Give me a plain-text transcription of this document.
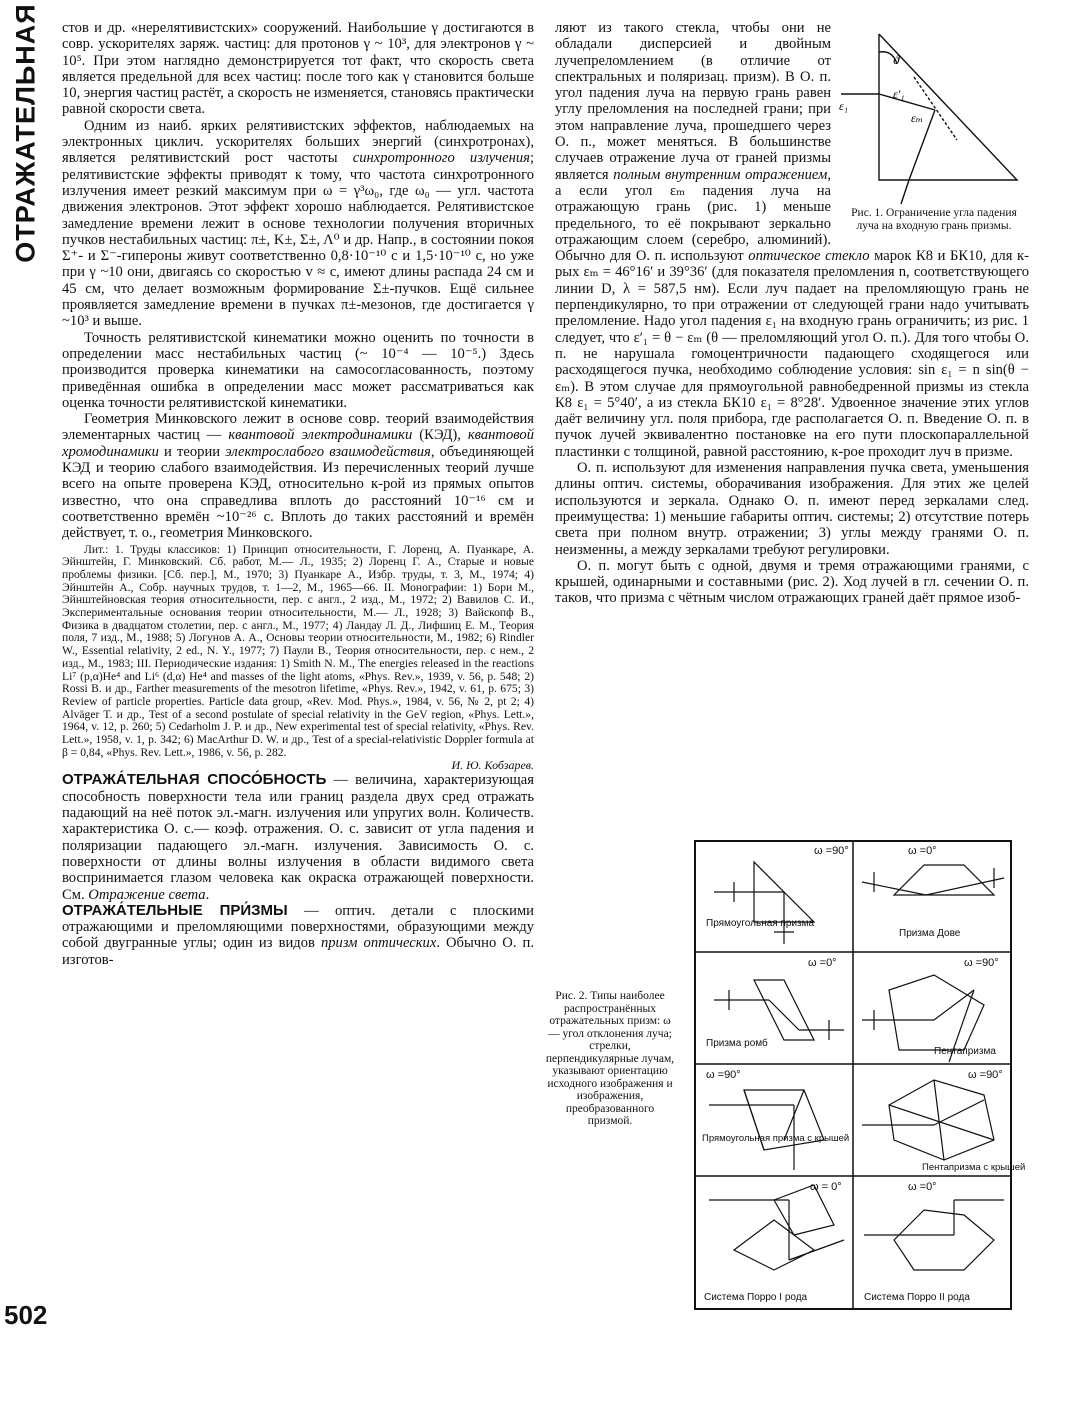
ОТРАЖАТЕЛЬНАЯ
502

стов и др. «нерелятивистских» сооружений. Наибольшие γ достигаются в совр. ускорителях заряж. частиц: для протонов γ ~ 10³, для электронов γ ~ 10⁵. При этом наглядно демонстрируется тот факт, что скорость света является предельной для всех частиц: после того как γ становится больше 10, энергия частиц растёт, а скорость не изменяется, становясь практически равной скорости света.

Одним из наиб. ярких релятивистских эффектов, наблюдаемых на электронных циклич. ускорителях больших энергий (синхротронах), является релятивистский рост частоты синхротронного излучения; релятивистские эффекты приводят к тому, что частота синхротронного излучения имеет резкий максимум при ω = γ³ω₀, где ω₀ — угл. частота движения электронов. Этот эффект хорошо наблюдается. Релятивистское замедление времени лежит в основе технологии получения вторичных пучков нестабильных частиц: π±, K±, Σ±, Λ⁰ и др. Напр., в состоянии покоя Σ⁺- и Σ⁻-гипероны живут соответственно 0,8·10⁻¹⁰ с и 1,5·10⁻¹⁰ с, но уже при γ ~10 они, двигаясь со скоростью v ≈ c, имеют длины распада 24 см и 45 см, что делает возможным формирование Σ±-пучков. Ещё сильнее проявляется замедление времени в пучках π±-мезонов, где достигается γ ~10³ и выше.

Точность релятивистской кинематики можно оценить по точности в определении масс нестабильных частиц (~ 10⁻⁴ — 10⁻⁵.) Здесь производится проверка кинематики на самосогласованность, поэтому приведённая ошибка в определении масс может рассматриваться как оценка точности релятивистской кинематики.

Геометрия Минковского лежит в основе совр. теорий взаимодействия элементарных частиц — квантовой электродинамики (КЭД), квантовой хромодинамики и теории электрослабого взаимодействия, объединяющей КЭД и теорию слабого взаимодействия. Из перечисленных теорий лучше всего на опыте проверена КЭД, относительно к-рой из прямых опытов известно, что она справедлива вплоть до расстояний 10⁻¹⁶ см и соответственно времён ~10⁻²⁶ с. Вплоть до таких расстояний и времён действует, т. о., геометрия Минковского.

Лит.: 1. Труды классиков: 1) Принцип относительности, Г. Лоренц, А. Пуанкаре, А. Эйнштейн, Г. Минковский. Сб. работ, М.— Л., 1935; 2) Лоренц Г. А., Старые и новые проблемы физики. [Сб. пер.], М., 1970; 3) Пуанкаре А., Избр. труды, т. 3, М., 1974; 4) Эйнштейн А., Собр. научных трудов, т. 1—2, М., 1965—66. II. Монографии: 1) Бори М., Эйнштейновская теория относительности, пер. с англ., 2 изд., М., 1972; 2) Вавилов С. И., Экспериментальные основания теории относительности, М.— Л., 1928; 3) Вайскопф В., Физика в двадцатом столетии, пер. с англ., М., 1977; 4) Ландау Л. Д., Лифшиц Е. М., Теория поля, 7 изд., М., 1988; 5) Логунов А. А., Основы теории относительности, М., 1982; 6) Rindler W., Essential relativity, 2 ed., N. Y., 1977; 7) Паули В., Теория относительности, пер. с нем., 2 изд., М., 1983; III. Периодические издания: 1) Smith N. M., The energies released in the reactions Li⁷ (p,α)He⁴ and Li⁶ (d,α) He⁴ and masses of the light atoms, «Phys. Rev.», 1939, v. 56, p. 548; 2) Rossi B. и др., Farther measurements of the mesotron lifetime, «Phys. Rev.», 1942, v. 61, p. 675; 3) Review of particle properties. Particle data group, «Rev. Mod. Phys.», 1984, v. 56, № 2, pt 2; 4) Alväger T. и др., Test of a second postulate of special relativity in the GeV region, «Phys. Lett.», 1964, v. 12, p. 260; 5) Cedarholm J. P. и др., New experimental test of special relativity, «Phys. Rev. Lett.», 1958, v. 1, p. 342; 6) MacArthur D. W. и др., Test of a special-relativistic Doppler formula at β = 0,84, «Phys. Rev. Lett.», 1986, v. 56, p. 282.

И. Ю. Кобзарев.

ОТРАЖА́ТЕЛЬНАЯ СПОСО́БНОСТЬ — величина, характеризующая способность поверхности тела или границ раздела двух сред отражать падающий на неё поток эл.-магн. излучения или упругих волн. Количеств. характеристика О. с.— коэф. отражения. О. с. зависит от угла падения и поляризации падающего эл.-магн. излучения. Зависимость О. с. поверхности от длины волны излучения в области видимого света воспринимается глазом человека как окраска отражающей поверхности. См. Отражение света.

ОТРАЖА́ТЕЛЬНЫЕ ПРИ́ЗМЫ — оптич. детали с плоскими отражающими и преломляющими поверхностями, образующими между собой двугранные углы; один из видов призм оптических. Обычно О. п. изготов-

ϑ
ε′₁
εₘ
ε₁
Рис. 1. Ограничение угла падения луча на входную грань призмы.
ляют из такого стекла, чтобы они не обладали дисперсией и двойным лучепреломлением (в отличие от спектральных и поляризац. призм). В О. п. угол падения луча на первую грань равен углу преломления на последней грани; при этом направление луча, прошедшего через О. п., может меняться. В большинстве случаев отражение луча от граней призмы является полным внутренним отражением, а если угол εₘ падения луча на отражающую грань (рис. 1) меньше предельного, то её покрывают зеркально отражающим слоем (серебро, алюминий). Обычно для О. п. используют оптическое стекло марок К8 и БК10, для к-рых εₘ = 46°16′ и 39°36′ (для показателя преломления n, соответствующего линии D, λ = 587,5 нм). Если луч падает на преломляющую грань не перпендикулярно, то при отражении от следующей грани надо учитывать преломление. Надо угол падения ε₁ на входную грань ограничить; из рис. 1 следует, что ε′₁ = θ − εₘ (θ — преломляющий угол О. п.). Для того чтобы О. п. не нарушала гомоцентричности падающего сходящегося или расходящегося пучка, необходимо соблюдение условия: sin ε₁ = n sin(θ − εₘ). В этом случае для прямоугольной равнобедренной призмы из стекла К8 ε₁ = 5°40′, а из стекла БК10 ε₁ = 8°28′. Удвоенное значение этих углов даёт величину угл. поля прибора, где располагается О. п. Введение О. п. в пучок лучей эквивалентно постановке на его пути плоскопараллельной пластинки с толщиной, равной расстоянию, к-рое проходит луч в призме.

О. п. используют для изменения направления пучка света, уменьшения длины оптич. системы, оборачивания изображения. Для этих же целей используются и зеркала. Однако О. п. имеют перед зеркалами след. преимущества: 1) меньшие габариты оптич. системы; 2) отсутствие потерь света при полном внутр. отражении; 3) углы между гранями О. п. неизменны, а между зеркалами требуют регулировки.

О. п. могут быть с одной, двумя и тремя отражающими гранями, с крышей, одинарными и составными (рис. 2). Ход лучей в гл. сечении О. п. таков, что призма с чётным числом отражающих граней даёт прямое изоб-

Рис. 2. Типы наиболее распространённых отражательных призм: ω — угол отклонения луча; стрелки, перпендикулярные лучам, указывают ориентацию исходного изображения и изображения, преобразованного призмой.
ω =90°
Прямоугольная призма
ω =0°
Призма Дове
ω =0°
Призма ромб
ω =90°
Пентапризма
ω =90°
Прямоугольная призма с крышей
ω =90°
Пентапризма с крышей
ω = 0°
Система Порро I рода
ω =0°
Система Порро II рода
